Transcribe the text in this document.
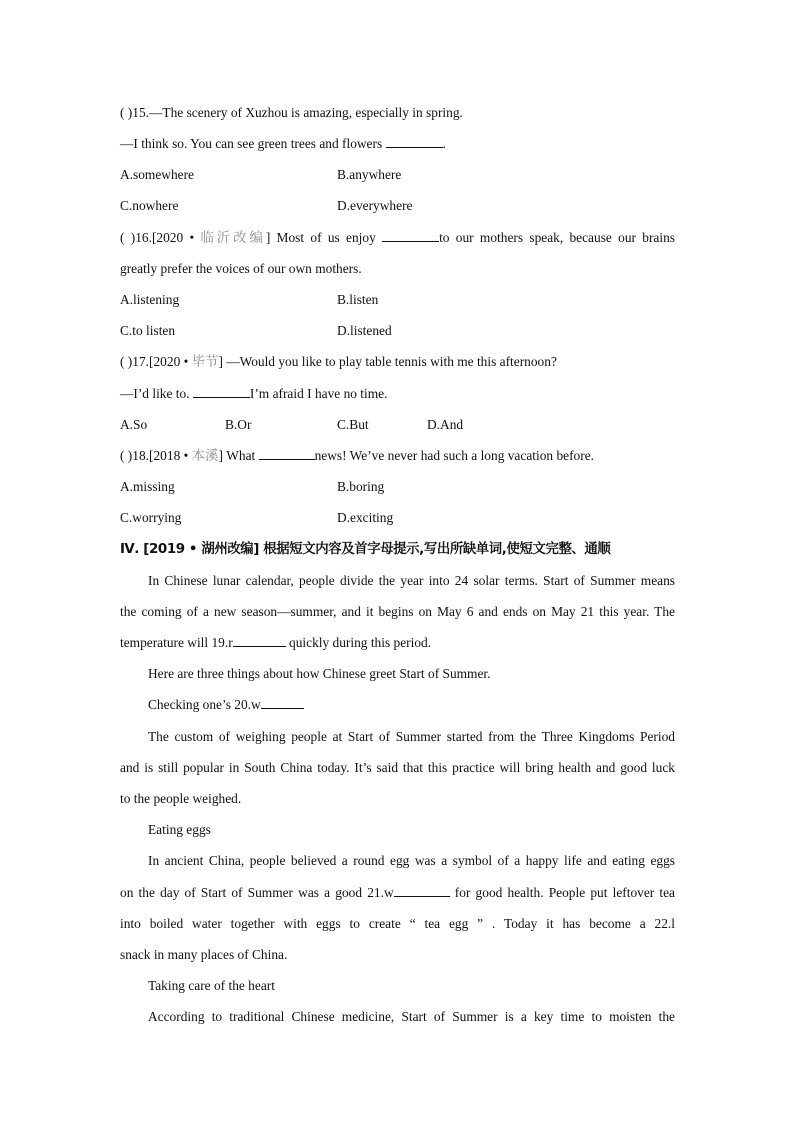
( )15.—The scenery of Xuzhou is amazing, especially in spring.
—I think so. You can see green trees and flowers	.
A.somewhere	B.anywhere
C.nowhere	D.everywhere
( )16.[2020 • 临沂改编] Most of us enjoy	to our mothers speak, because our brains
greatly prefer the voices of our own mothers.
A.listening	B.listen
C.to listen	D.listened
( )17.[2020 • 毕节] —Would you like to play table tennis with me this afternoon?
—I’d like to.	I’m afraid I have no time.
A.So	B.Or	C.But	D.And
( )18.[2018 • 本溪] What	news! We’ve never had such a long vacation before.
A.missing	B.boring
C.worrying	D.exciting
Ⅳ. [2019 • 湖州改编] 根据短文内容及首字母提示,写出所缺单词,使短文完整、通顺
In Chinese lunar calendar, people divide the year into 24 solar terms. Start of Summer means
the coming of a new season—summer, and it begins on May 6 and ends on May 21 this year. The
temperature will 19.r	quickly during this period.
Here are three things about how Chinese greet Start of Summer.
Checking one’s 20.w
The custom of weighing people at Start of Summer started from the Three Kingdoms Period
and is still popular in South China today. It’s said that this practice will bring health and good luck
to the people weighed.
Eating eggs
In ancient China, people believed a round egg was a symbol of a happy life and eating eggs
on the day of Start of Summer was a good 21.w	for good health. People put leftover tea
into boiled water together with eggs to create “ tea egg ” . Today it has become a 22.l
snack in many places of China.
Taking care of the heart
According to traditional Chinese medicine, Start of Summer is a key time to moisten the
